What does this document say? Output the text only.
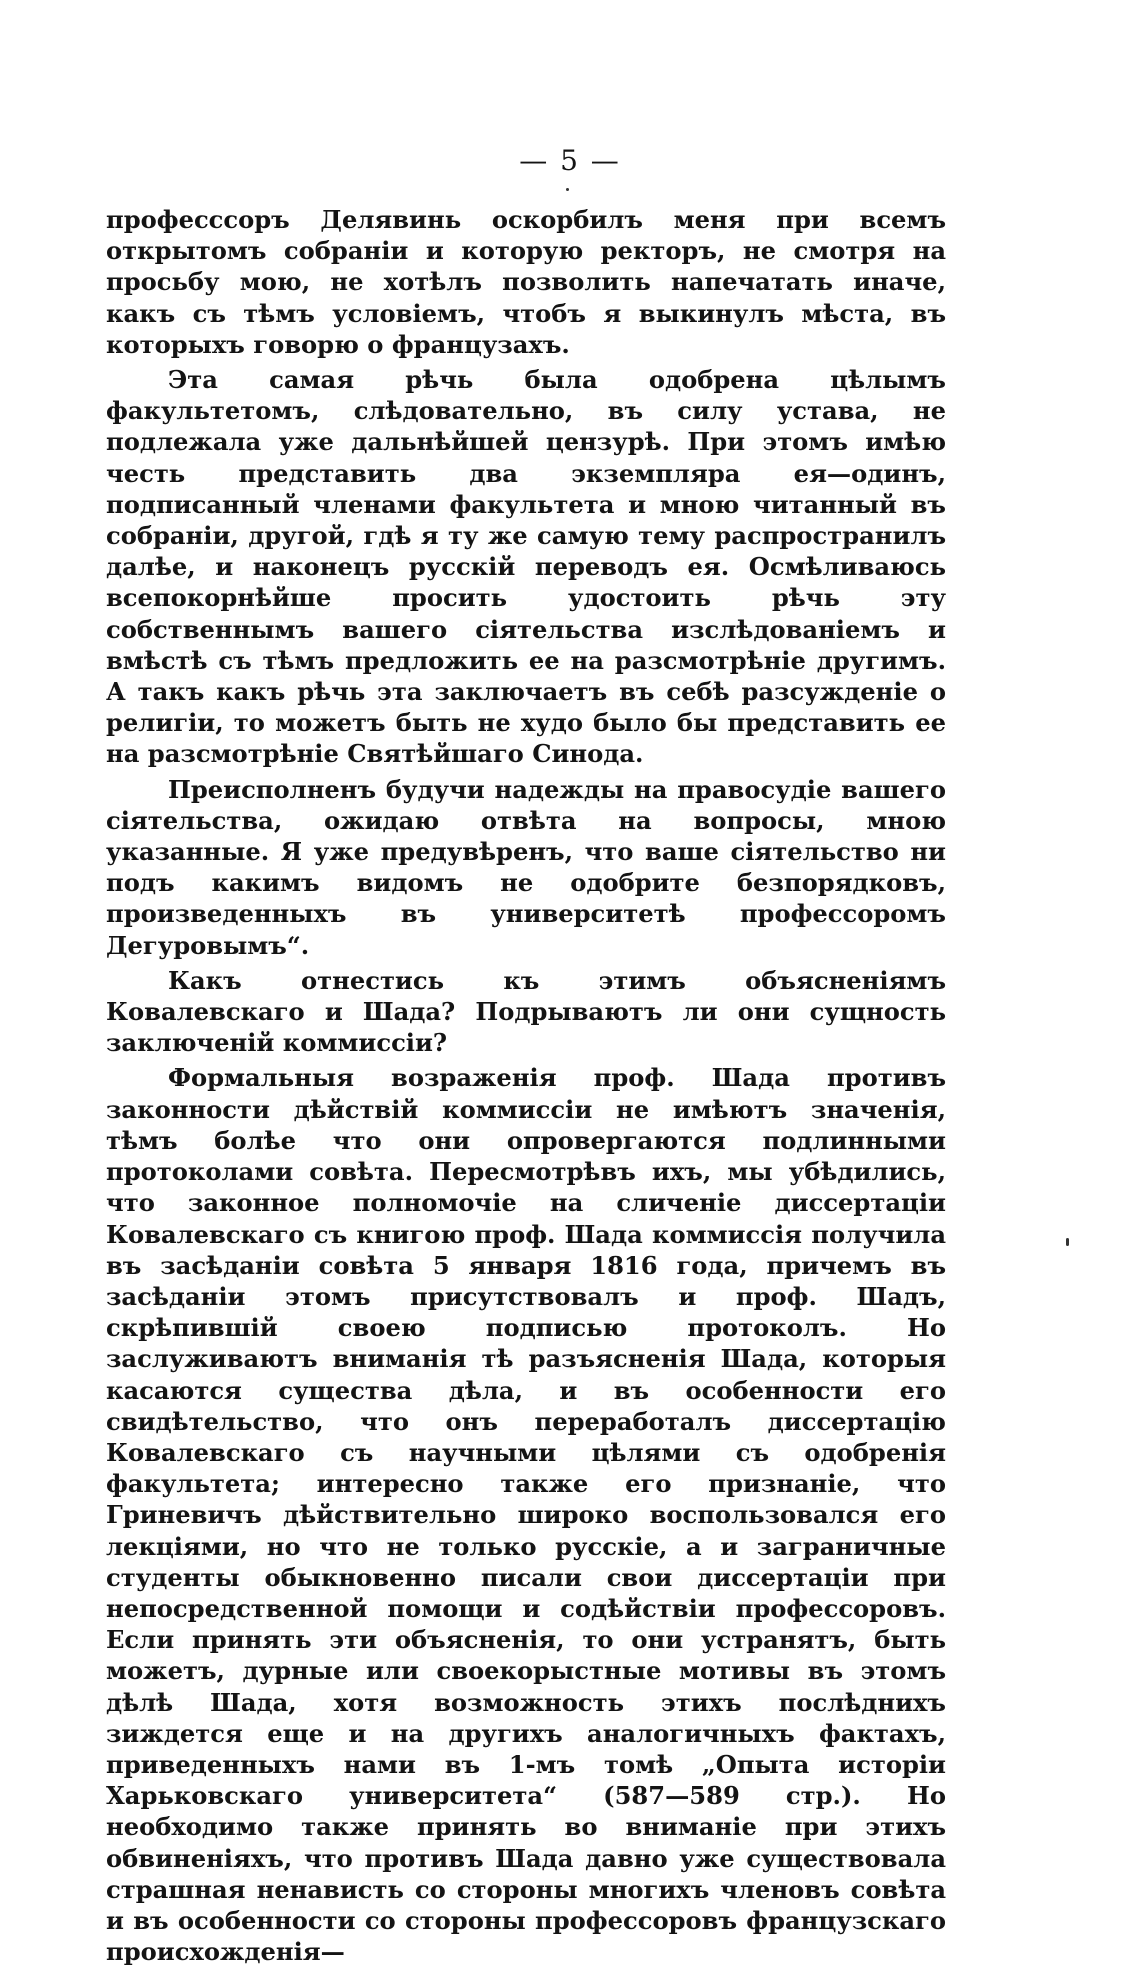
— 5 —

професссоръ Делявинь оскорбилъ меня при всемъ открытомъ собраніи и которую ректоръ, не смотря на просьбу мою, не хотѣлъ позволить напечатать иначе, какъ съ тѣмъ условіемъ, чтобъ я выкинулъ мѣста, въ которыхъ говорю о французахъ.

Эта самая рѣчь была одобрена цѣлымъ факультетомъ, слѣдовательно, въ силу устава, не подлежала уже дальнѣйшей цензурѣ. При этомъ имѣю честь представить два экземпляра ея—одинъ, подписанный членами факультета и мною читанный въ собраніи, другой, гдѣ я ту же самую тему распространилъ далѣе, и наконецъ русскій переводъ ея. Осмѣливаюсь всепокорнѣйше просить удостоить рѣчь эту собственнымъ вашего сіятельства изслѣдованіемъ и вмѣстѣ съ тѣмъ предложить ее на разсмотрѣніе другимъ. А такъ какъ рѣчь эта заключаетъ въ себѣ разсужденіе о религіи, то можетъ быть не худо было бы представить ее на разсмотрѣніе Святѣйшаго Синода.

Преисполненъ будучи надежды на правосудіе вашего сіятельства, ожидаю отвѣта на вопросы, мною указанные. Я уже предувѣренъ, что ваше сіятельство ни подъ какимъ видомъ не одобрите безпорядковъ, произведенныхъ въ университетѣ профессоромъ Дегуровымъ“.

Какъ отнестись къ этимъ объясненіямъ Ковалевскаго и Шада? Подрываютъ ли они сущность заключеній коммиссіи?

Формальныя возраженія проф. Шада противъ законности дѣйствій коммиссіи не имѣютъ значенія, тѣмъ болѣе что они опровергаются подлинными протоколами совѣта. Пересмотрѣвъ ихъ, мы убѣдились, что законное полномочіе на сличеніе диссертаціи Ковалевскаго съ книгою проф. Шада коммиссія получила въ засѣданіи совѣта 5 января 1816 года, причемъ въ засѣданіи этомъ присутствовалъ и проф. Шадъ, скрѣпившій своею подписью протоколъ. Но заслуживаютъ вниманія тѣ разъясненія Шада, которыя касаются существа дѣла, и въ особенности его свидѣтельство, что онъ переработалъ диссертацію Ковалевскаго съ научными цѣлями съ одобренія факультета; интересно также его признаніе, что Гриневичъ дѣйствительно широко воспользовался его лекціями, но что не только русскіе, а и заграничные студенты обыкновенно писали свои диссертаціи при непосредственной помощи и содѣйствіи профессоровъ. Если принять эти объясненія, то они устранятъ, быть можетъ, дурные или своекорыстные мотивы въ этомъ дѣлѣ Шада, хотя возможность этихъ послѣднихъ зиждется еще и на другихъ аналогичныхъ фактахъ, приведенныхъ нами въ 1-мъ томѣ „Опыта исторіи Харьковскаго университета“ (587—589 стр.). Но необходимо также принять во вниманіе при этихъ обвиненіяхъ, что противъ Шада давно уже существовала страшная ненависть со стороны многихъ членовъ совѣта и въ особенности со стороны профессоровъ французскаго происхожденія—
